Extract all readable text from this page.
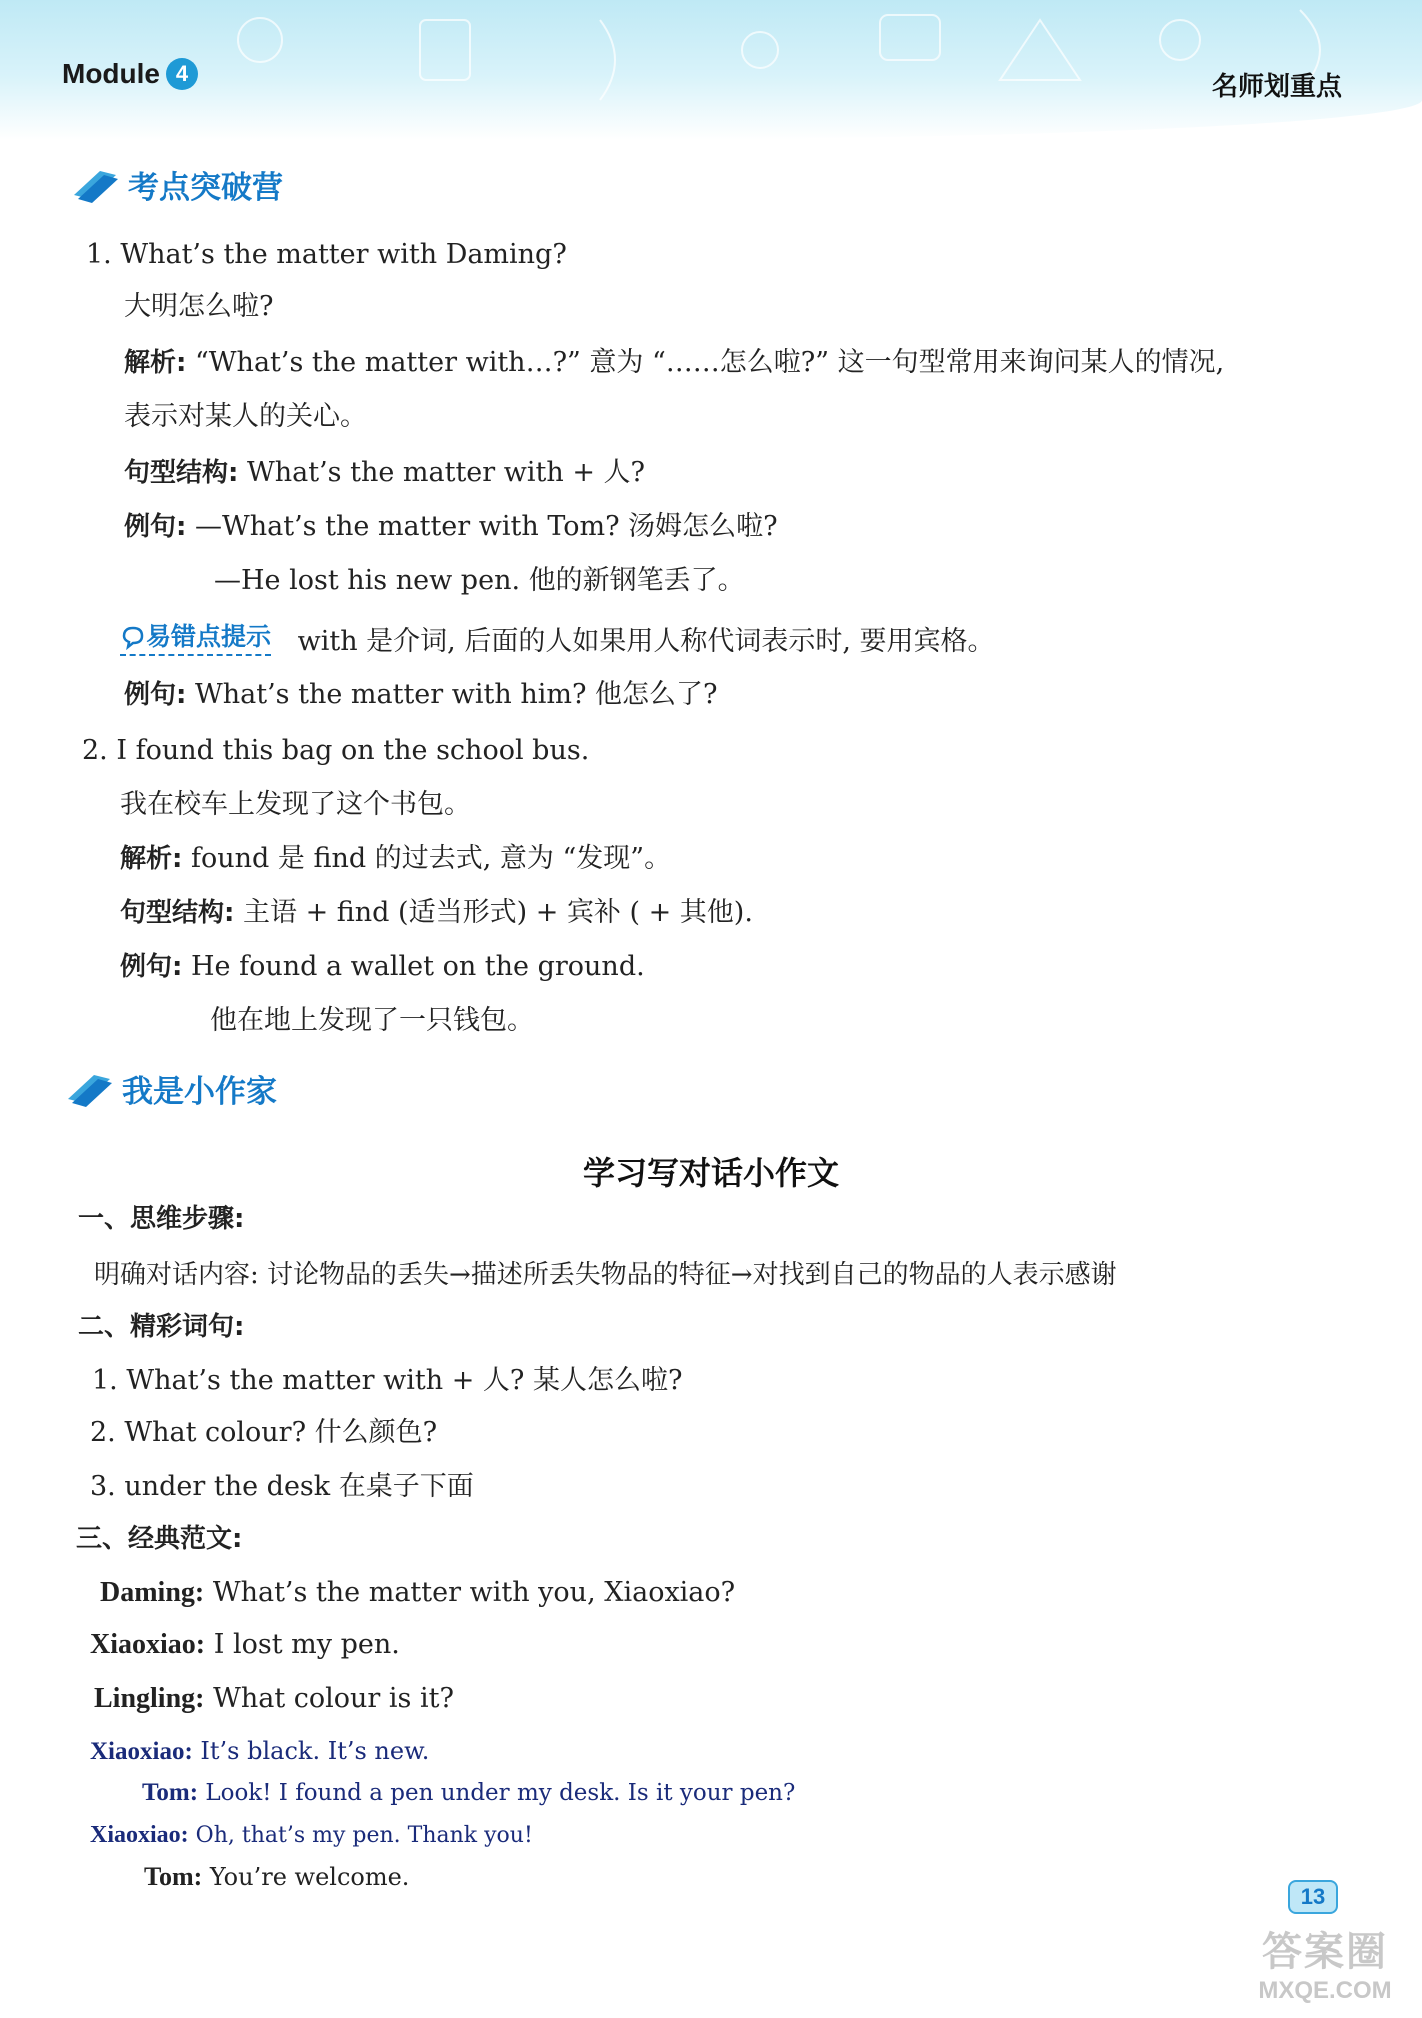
Module 4	名师划重点
考点突破营
1. What’s the matter with Daming?
大明怎么啦?
解析: “What’s the matter with…?” 意为 “……怎么啦?” 这一句型常用来询问某人的情况,
表示对某人的关心。
句型结构: What’s the matter with + 人?
例句: —What’s the matter with Tom? 汤姆怎么啦?
—He lost his new pen. 他的新钢笔丢了。
易错点提示 with 是介词, 后面的人如果用人称代词表示时, 要用宾格。
例句: What’s the matter with him? 他怎么了?
2. I found this bag on the school bus.
我在校车上发现了这个书包。
解析: found 是 find 的过去式, 意为 “发现”。
句型结构: 主语 + find (适当形式) + 宾补 ( + 其他).
例句: He found a wallet on the ground.
他在地上发现了一只钱包。
我是小作家
学习写对话小作文
一、思维步骤:
明确对话内容: 讨论物品的丢失→描述所丢失物品的特征→对找到自己的物品的人表示感谢
二、精彩词句:
1. What’s the matter with + 人? 某人怎么啦?
2. What colour? 什么颜色?
3. under the desk 在桌子下面
三、经典范文:
Daming: What’s the matter with you, Xiaoxiao?
Xiaoxiao: I lost my pen.
Lingling: What colour is it?
Xiaoxiao: It’s black. It’s new.
Tom: Look! I found a pen under my desk. Is it your pen?
Xiaoxiao: Oh, that’s my pen. Thank you!
Tom: You’re welcome.
13
答案圈
MXQE.COM
